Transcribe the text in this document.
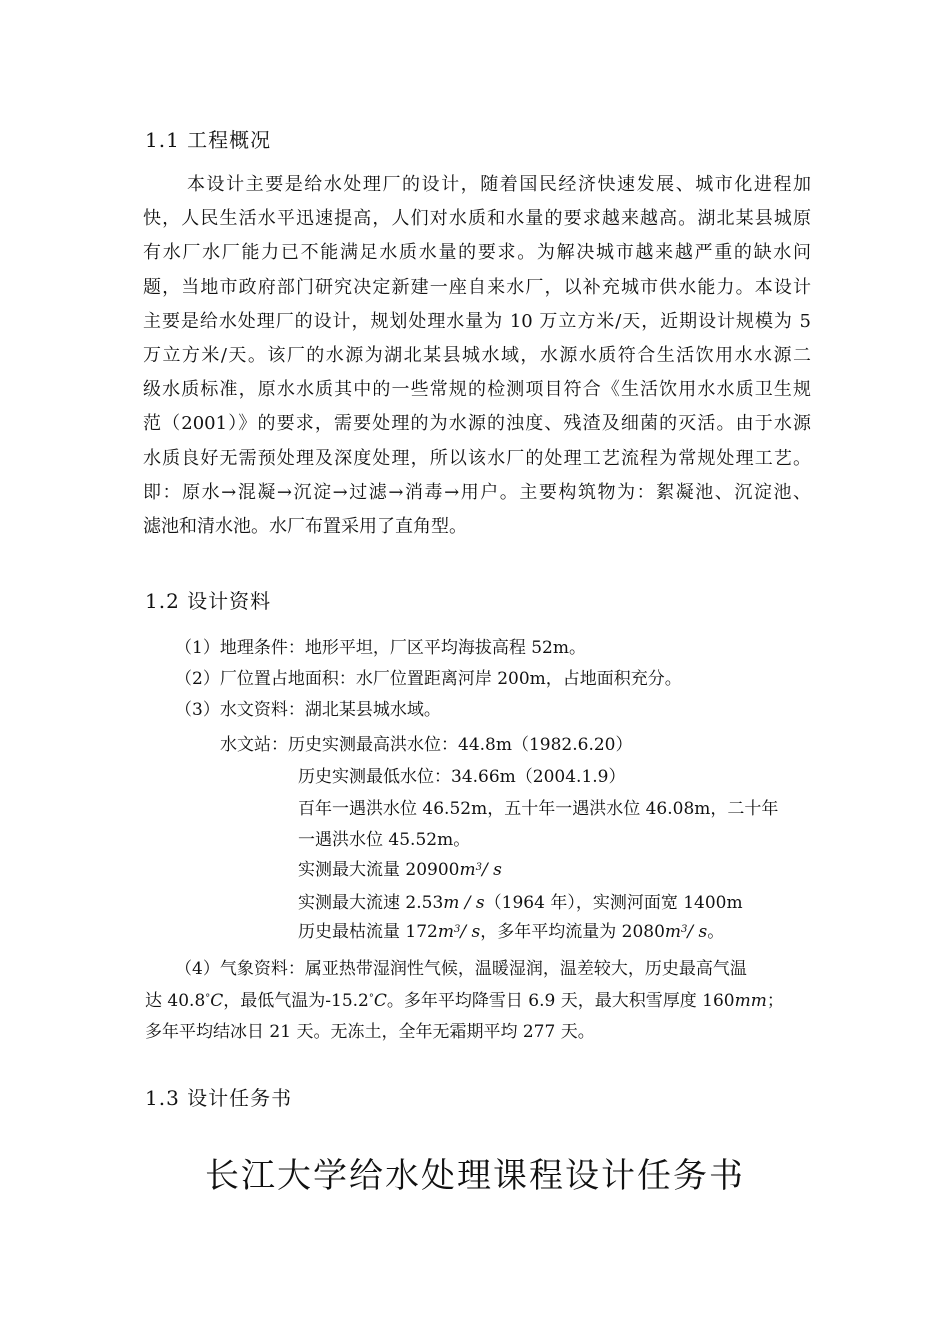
1.1 工程概况
本设计主要是给水处理厂的设计，随着国民经济快速发展、城市化进程加
快，人民生活水平迅速提高，人们对水质和水量的要求越来越高。湖北某县城原
有水厂水厂能力已不能满足水质水量的要求。为解决城市越来越严重的缺水问
题，当地市政府部门研究决定新建一座自来水厂，以补充城市供水能力。本设计
主要是给水处理厂的设计，规划处理水量为 10 万立方米/天，近期设计规模为 5
万立方米/天。该厂的水源为湖北某县城水域，水源水质符合生活饮用水水源二
级水质标准，原水水质其中的一些常规的检测项目符合《生活饮用水水质卫生规
范（2001）》的要求，需要处理的为水源的浊度、残渣及细菌的灭活。由于水源
水质良好无需预处理及深度处理，所以该水厂的处理工艺流程为常规处理工艺。
即：原水→混凝→沉淀→过滤→消毒→用户。主要构筑物为：絮凝池、沉淀池、
滤池和清水池。水厂布置采用了直角型。
1.2 设计资料
（1）地理条件：地形平坦，厂区平均海拔高程 52m。
（2）厂位置占地面积：水厂位置距离河岸 200m，占地面积充分。
（3）水文资料：湖北某县城水域。
水文站：历史实测最高洪水位：44.8m（1982.6.20）
历史实测最低水位：34.66m（2004.1.9）
百年一遇洪水位 46.52m，五十年一遇洪水位 46.08m，二十年
一遇洪水位 45.52m。
实测最大流量 $20900m^3/$ s
实测最大流速 2.53m / s（1964 年），实测河面宽 1400m
历史最枯流量 $172m^3/$ s，多年平均流量为 $2080m^3/$ s。
（4）气象资料：属亚热带湿润性气候，温暖湿润，温差较大，历史最高气温
达 40.8°C，最低气温为-15.2°C。多年平均降雪日 6.9 天，最大积雪厚度 160mm；
多年平均结冰日 21 天。无冻土，全年无霜期平均 277 天。
1.3 设计任务书
长江大学给水处理课程设计任务书
